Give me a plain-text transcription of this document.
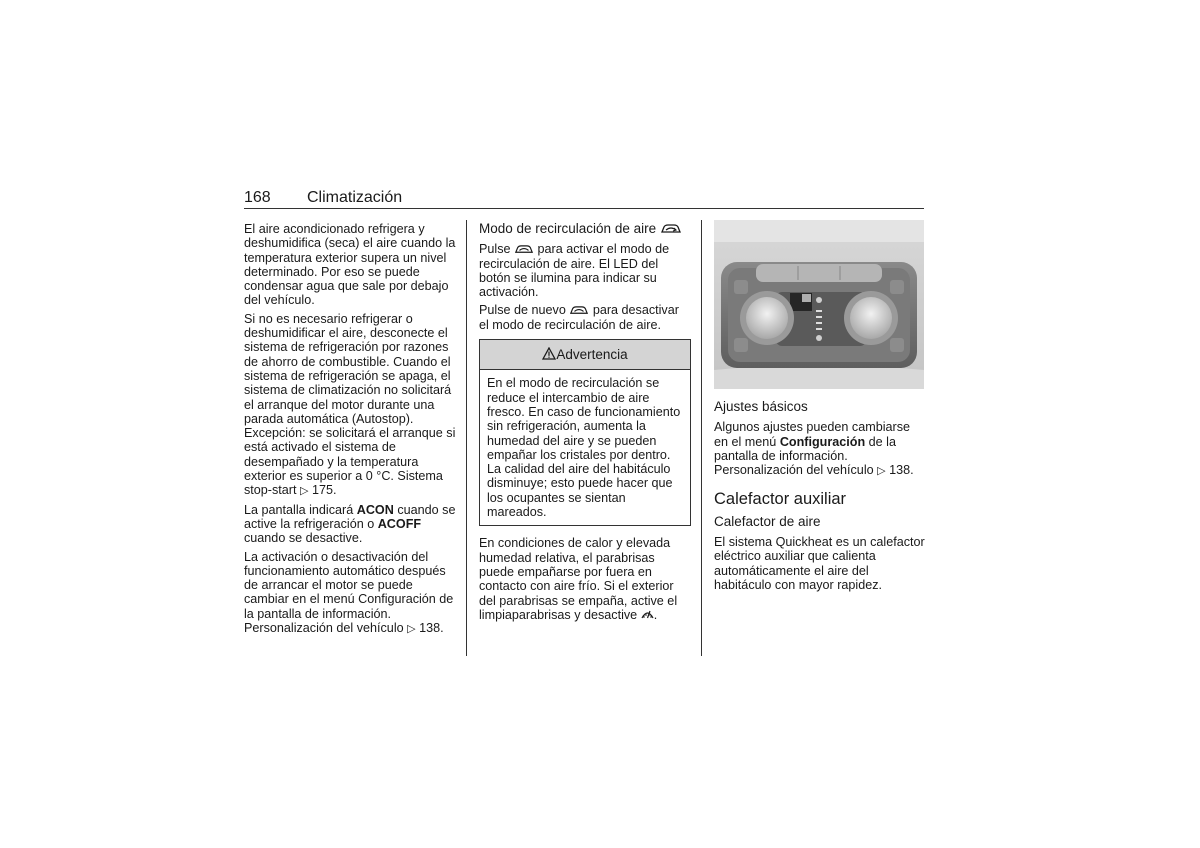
168 Climatización

El aire acondicionado refrigera y deshumidifica (seca) el aire cuando la temperatura exterior supera un nivel determinado. Por eso se puede condensar agua que sale por debajo del vehículo.

Si no es necesario refrigerar o deshumidificar el aire, desconecte el sistema de refrigeración por razones de ahorro de combustible. Cuando el sistema de refrigeración se apaga, el sistema de climatización no solicitará el arranque del motor durante una parada automática (Autostop). Excepción: se solicitará el arranque si está activado el sistema de desempañado y la temperatura exterior es superior a 0 °C. Sistema stop-start ▷ 175.

La pantalla indicará ACON cuando se active la refrigeración o ACOFF cuando se desactive.

La activación o desactivación del funcionamiento automático después de arrancar el motor se puede cambiar en el menú Configuración de la pantalla de información. Personalización del vehículo ▷ 138.

Modo de recirculación de aire

Pulse para activar el modo de recirculación de aire. El LED del botón se ilumina para indicar su activación.

Pulse de nuevo para desactivar el modo de recirculación de aire.

Advertencia
En el modo de recirculación se reduce el intercambio de aire fresco. En caso de funcionamiento sin refrigeración, aumenta la humedad del aire y se pueden empañar los cristales por dentro. La calidad del aire del habitáculo disminuye; esto puede hacer que los ocupantes se sientan mareados.

En condiciones de calor y elevada humedad relativa, el parabrisas puede empañarse por fuera en contacto con aire frío. Si el exterior del parabrisas se empaña, active el limpiaparabrisas y desactive .

Ajustes básicos

Algunos ajustes pueden cambiarse en el menú Configuración de la pantalla de información. Personalización del vehículo ▷ 138.

Calefactor auxiliar
Calefactor de aire

El sistema Quickheat es un calefactor eléctrico auxiliar que calienta automáticamente el aire del habitáculo con mayor rapidez.
